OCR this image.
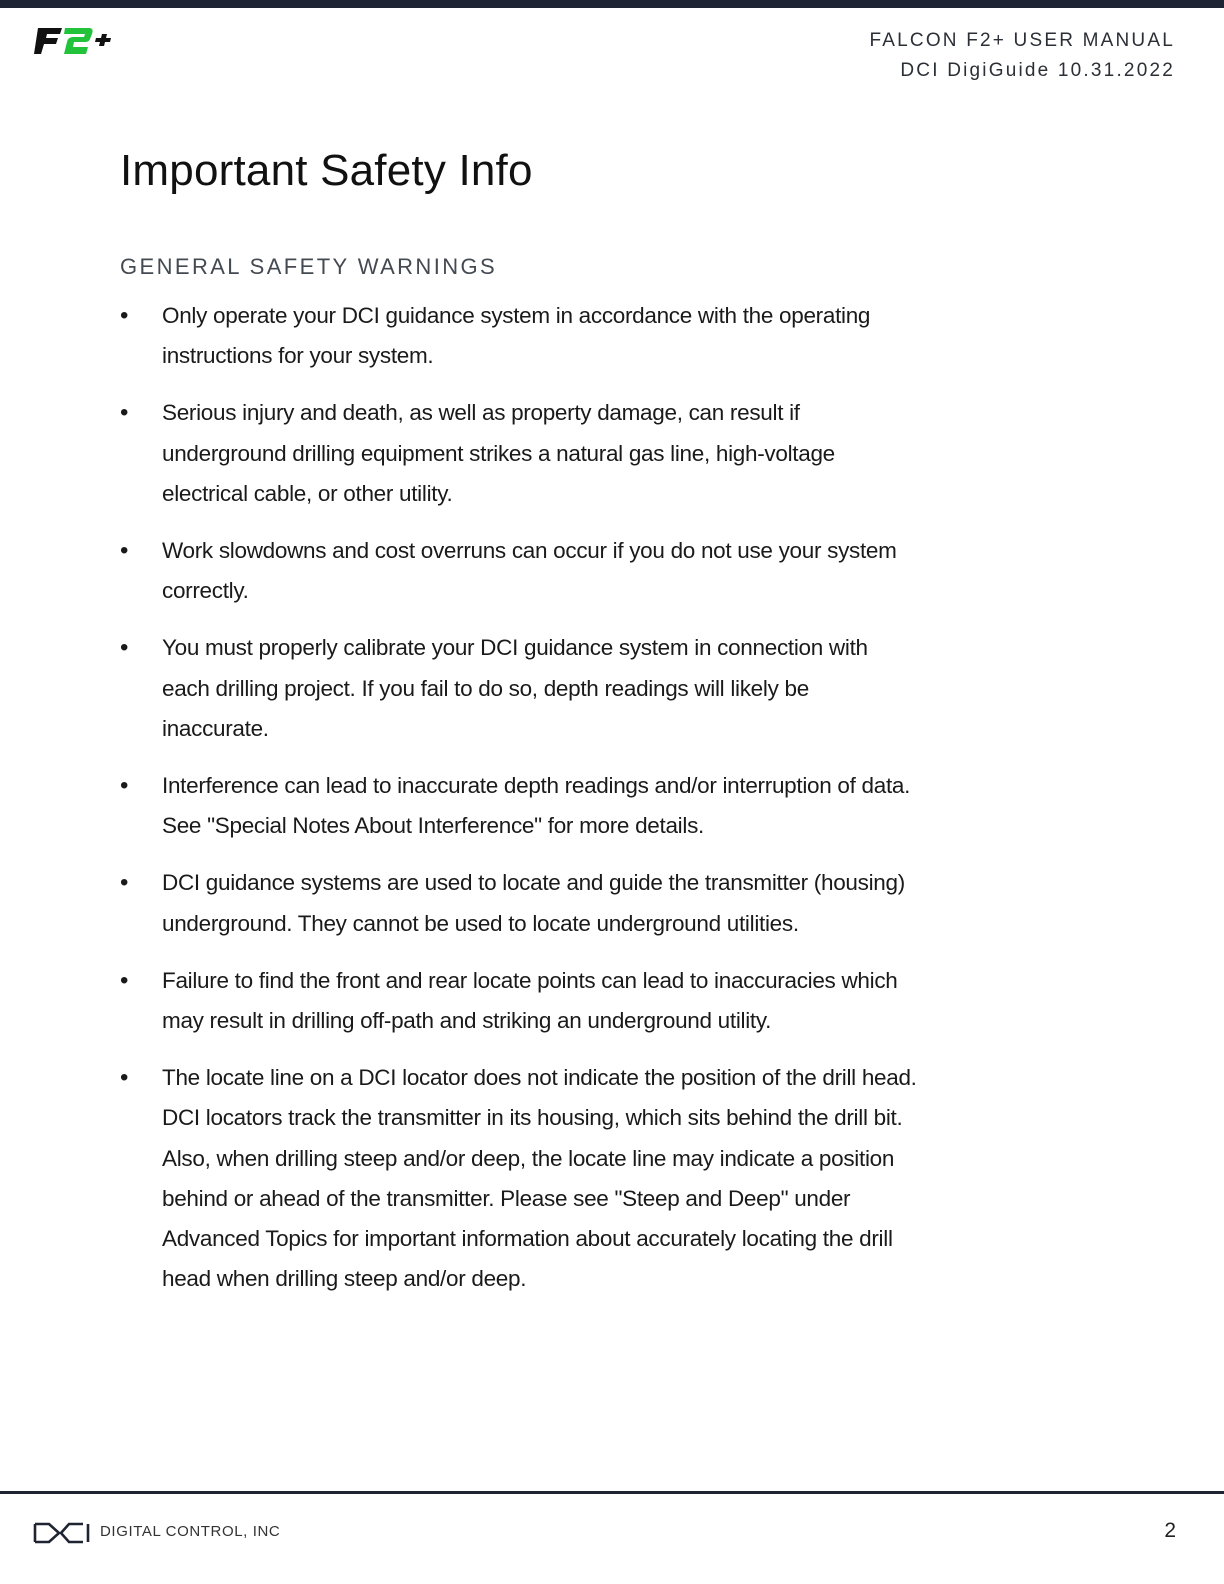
FALCON F2+ USER MANUAL
DCI DigiGuide 10.31.2022
Important Safety Info
GENERAL SAFETY WARNINGS
• Only operate your DCI guidance system in accordance with the operating instructions for your system.
• Serious injury and death, as well as property damage, can result if underground drilling equipment strikes a natural gas line, high-voltage electrical cable, or other utility.
• Work slowdowns and cost overruns can occur if you do not use your system correctly.
• You must properly calibrate your DCI guidance system in connection with each drilling project. If you fail to do so, depth readings will likely be inaccurate.
• Interference can lead to inaccurate depth readings and/or interruption of data. See "Special Notes About Interference" for more details.
• DCI guidance systems are used to locate and guide the transmitter (housing) underground. They cannot be used to locate underground utilities.
• Failure to find the front and rear locate points can lead to inaccuracies which may result in drilling off-path and striking an underground utility.
• The locate line on a DCI locator does not indicate the position of the drill head. DCI locators track the transmitter in its housing, which sits behind the drill bit. Also, when drilling steep and/or deep, the locate line may indicate a position behind or ahead of the transmitter. Please see "Steep and Deep" under Advanced Topics for important information about accurately locating the drill head when drilling steep and/or deep.
DIGITAL CONTROL, INC	2
